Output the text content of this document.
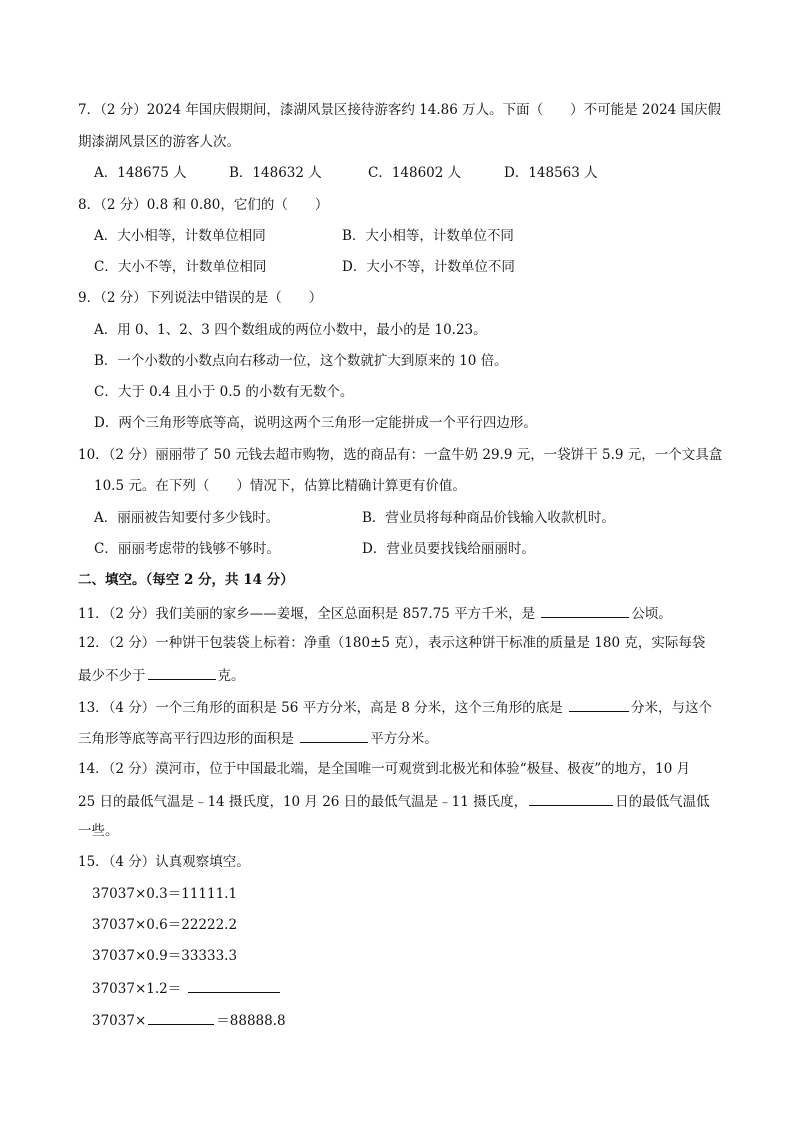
7．（2 分）2024 年国庆假期间，漆湖风景区接待游客约 14.86 万人。下面（　　）不可能是 2024 国庆假
期漆湖风景区的游客人次。
A．148675 人	B．148632 人	C．148602 人	D．148563 人
8．（2 分）0.8 和 0.80，它们的（　　）
A．大小相等，计数单位相同	B．大小相等，计数单位不同
C．大小不等，计数单位相同	D．大小不等，计数单位不同
9．（2 分）下列说法中错误的是（　　）
A．用 0、1、2、3 四个数组成的两位小数中，最小的是 10.23。
B．一个小数的小数点向右移动一位，这个数就扩大到原来的 10 倍。
C．大于 0.4 且小于 0.5 的小数有无数个。
D．两个三角形等底等高，说明这两个三角形一定能拼成一个平行四边形。
10．（2 分）丽丽带了 50 元钱去超市购物，选的商品有：一盒牛奶 29.9 元，一袋饼干 5.9 元，一个文具盒
10.5 元。在下列（　　）情况下，估算比精确计算更有价值。
A．丽丽被告知要付多少钱时。	B．营业员将每种商品价钱输入收款机时。
C．丽丽考虑带的钱够不够时。	D．营业员要找钱给丽丽时。
二、填空。（每空 2 分，共 14 分）
11．（2 分）我们美丽的家乡——姜堰，全区总面积是 857.75 平方千米，是	公顷。
12．（2 分）一种饼干包装袋上标着：净重（180±5 克），表示这种饼干标准的质量是 180 克，实际每袋
最少不少于	克。
13．（4 分）一个三角形的面积是 56 平方分米，高是 8 分米，这个三角形的底是	分米，与这个
三角形等底等高平行四边形的面积是	平方分米。
14．（2 分）漠河市，位于中国最北端，是全国唯一可观赏到北极光和体验“极昼、极夜”的地方，10 月
25 日的最低气温是﹣14 摄氏度，10 月 26 日的最低气温是﹣11 摄氏度，	日的最低气温低
一些。
15．（4 分）认真观察填空。
37037×0.3＝11111.1
37037×0.6＝22222.2
37037×0.9＝33333.3
37037×1.2＝
37037×	＝88888.8
